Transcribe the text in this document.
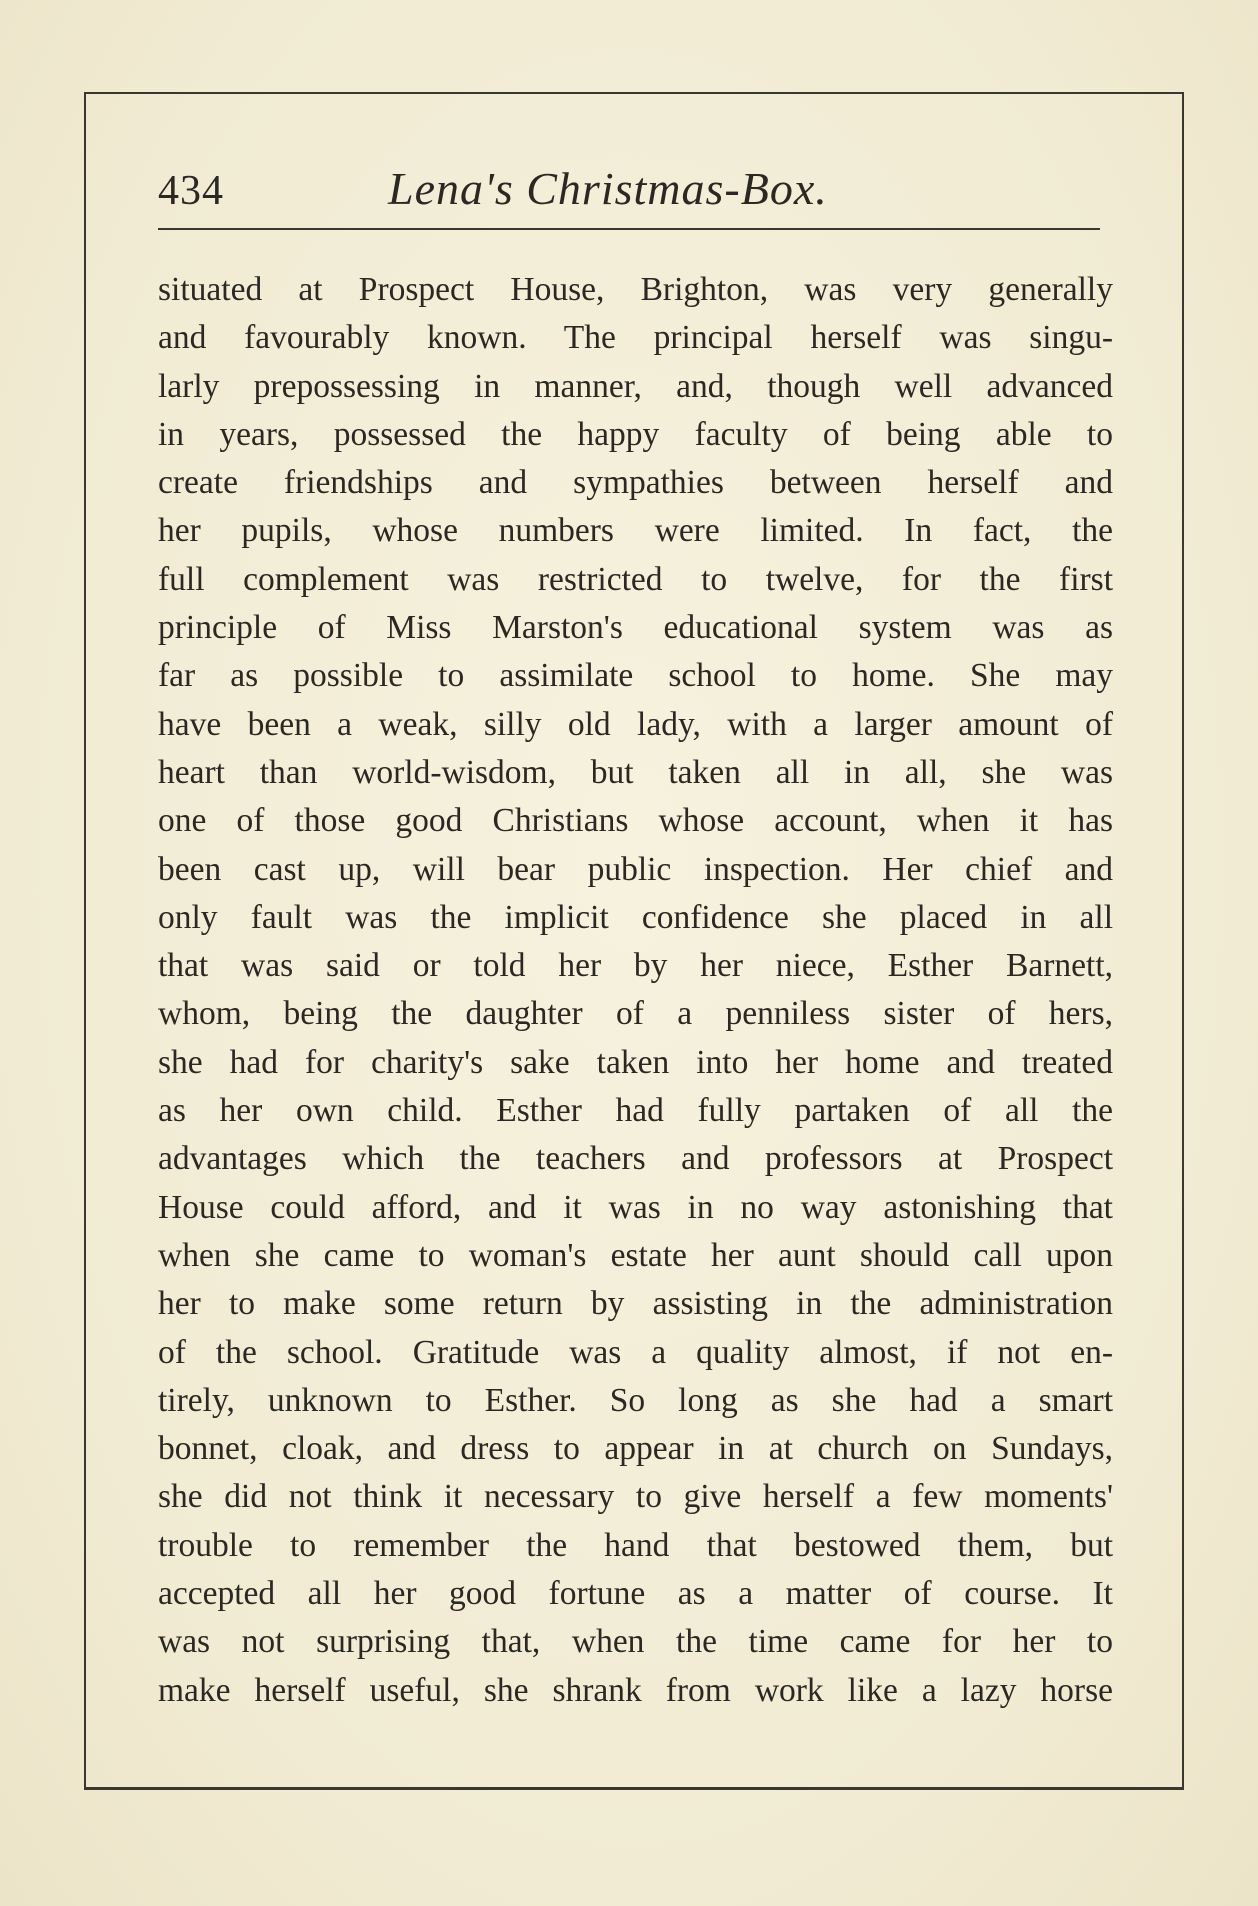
434	Lena's Christmas-Box.
situated at Prospect House, Brighton, was very generally
and favourably known. The principal herself was singu-
larly prepossessing in manner, and, though well advanced
in years, possessed the happy faculty of being able to
create friendships and sympathies between herself and
her pupils, whose numbers were limited. In fact, the
full complement was restricted to twelve, for the first
principle of Miss Marston's educational system was as
far as possible to assimilate school to home. She may
have been a weak, silly old lady, with a larger amount of
heart than world-wisdom, but taken all in all, she was
one of those good Christians whose account, when it has
been cast up, will bear public inspection. Her chief and
only fault was the implicit confidence she placed in all
that was said or told her by her niece, Esther Barnett,
whom, being the daughter of a penniless sister of hers,
she had for charity's sake taken into her home and treated
as her own child. Esther had fully partaken of all the
advantages which the teachers and professors at Prospect
House could afford, and it was in no way astonishing that
when she came to woman's estate her aunt should call upon
her to make some return by assisting in the administration
of the school. Gratitude was a quality almost, if not en-
tirely, unknown to Esther. So long as she had a smart
bonnet, cloak, and dress to appear in at church on Sundays,
she did not think it necessary to give herself a few moments'
trouble to remember the hand that bestowed them, but
accepted all her good fortune as a matter of course. It
was not surprising that, when the time came for her to
make herself useful, she shrank from work like a lazy horse
